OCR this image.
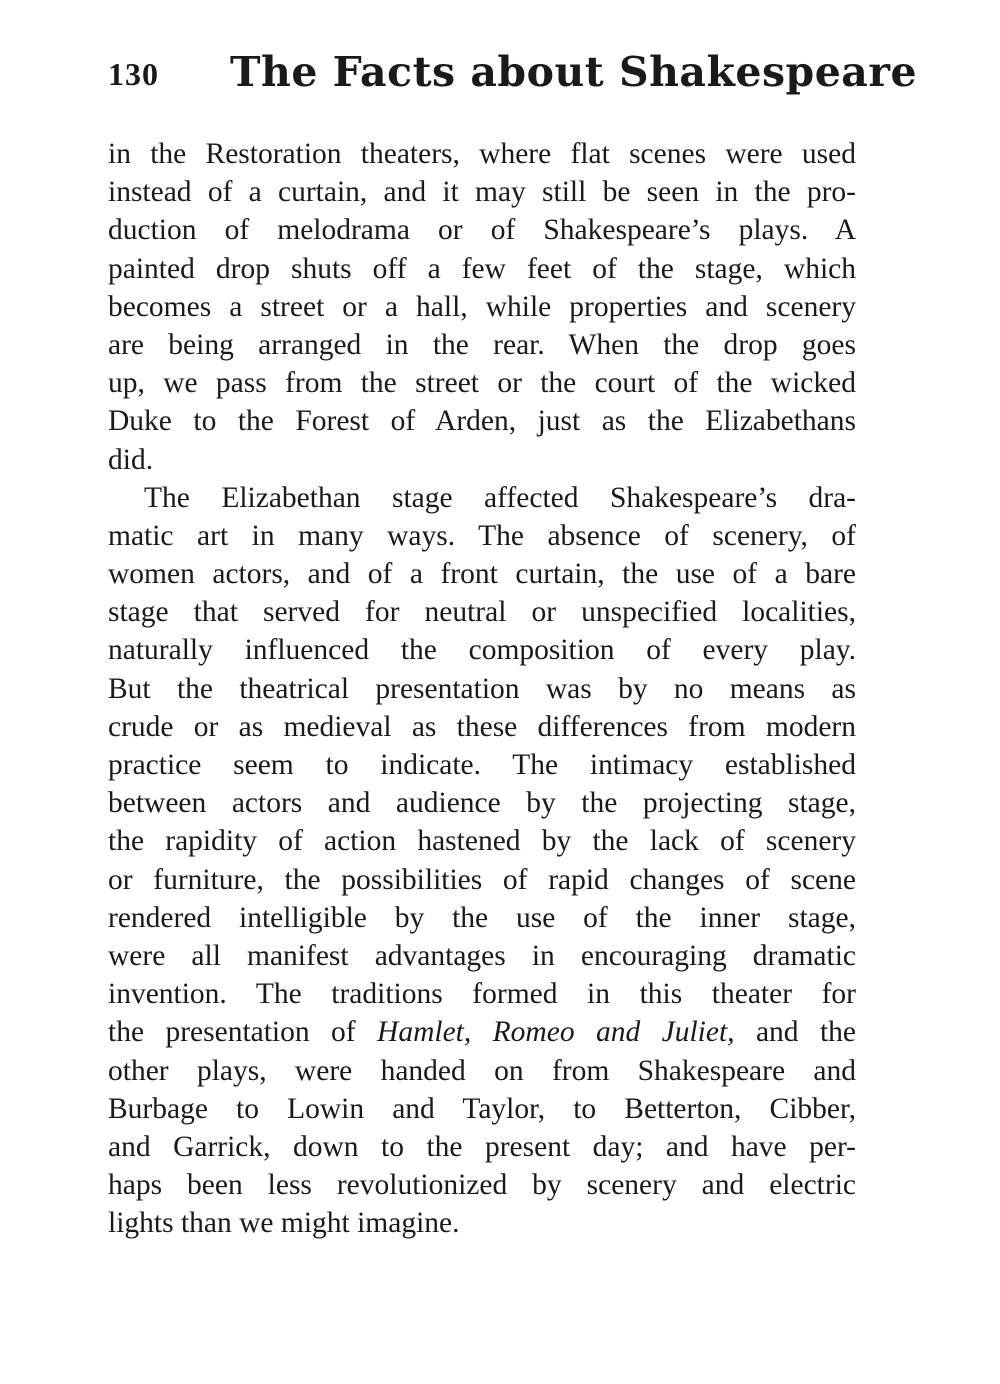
130 The Facts about Shakespeare
in the Restoration theaters, where flat scenes were used
instead of a curtain, and it may still be seen in the pro-
duction of melodrama or of Shakespeare’s plays. A
painted drop shuts off a few feet of the stage, which
becomes a street or a hall, while properties and scenery
are being arranged in the rear. When the drop goes
up, we pass from the street or the court of the wicked
Duke to the Forest of Arden, just as the Elizabethans
did.
The Elizabethan stage affected Shakespeare’s dra-
matic art in many ways. The absence of scenery, of
women actors, and of a front curtain, the use of a bare
stage that served for neutral or unspecified localities,
naturally influenced the composition of every play.
But the theatrical presentation was by no means as
crude or as medieval as these differences from modern
practice seem to indicate. The intimacy established
between actors and audience by the projecting stage,
the rapidity of action hastened by the lack of scenery
or furniture, the possibilities of rapid changes of scene
rendered intelligible by the use of the inner stage,
were all manifest advantages in encouraging dramatic
invention. The traditions formed in this theater for
the presentation of Hamlet, Romeo and Juliet, and the
other plays, were handed on from Shakespeare and
Burbage to Lowin and Taylor, to Betterton, Cibber,
and Garrick, down to the present day; and have per-
haps been less revolutionized by scenery and electric
lights than we might imagine.
